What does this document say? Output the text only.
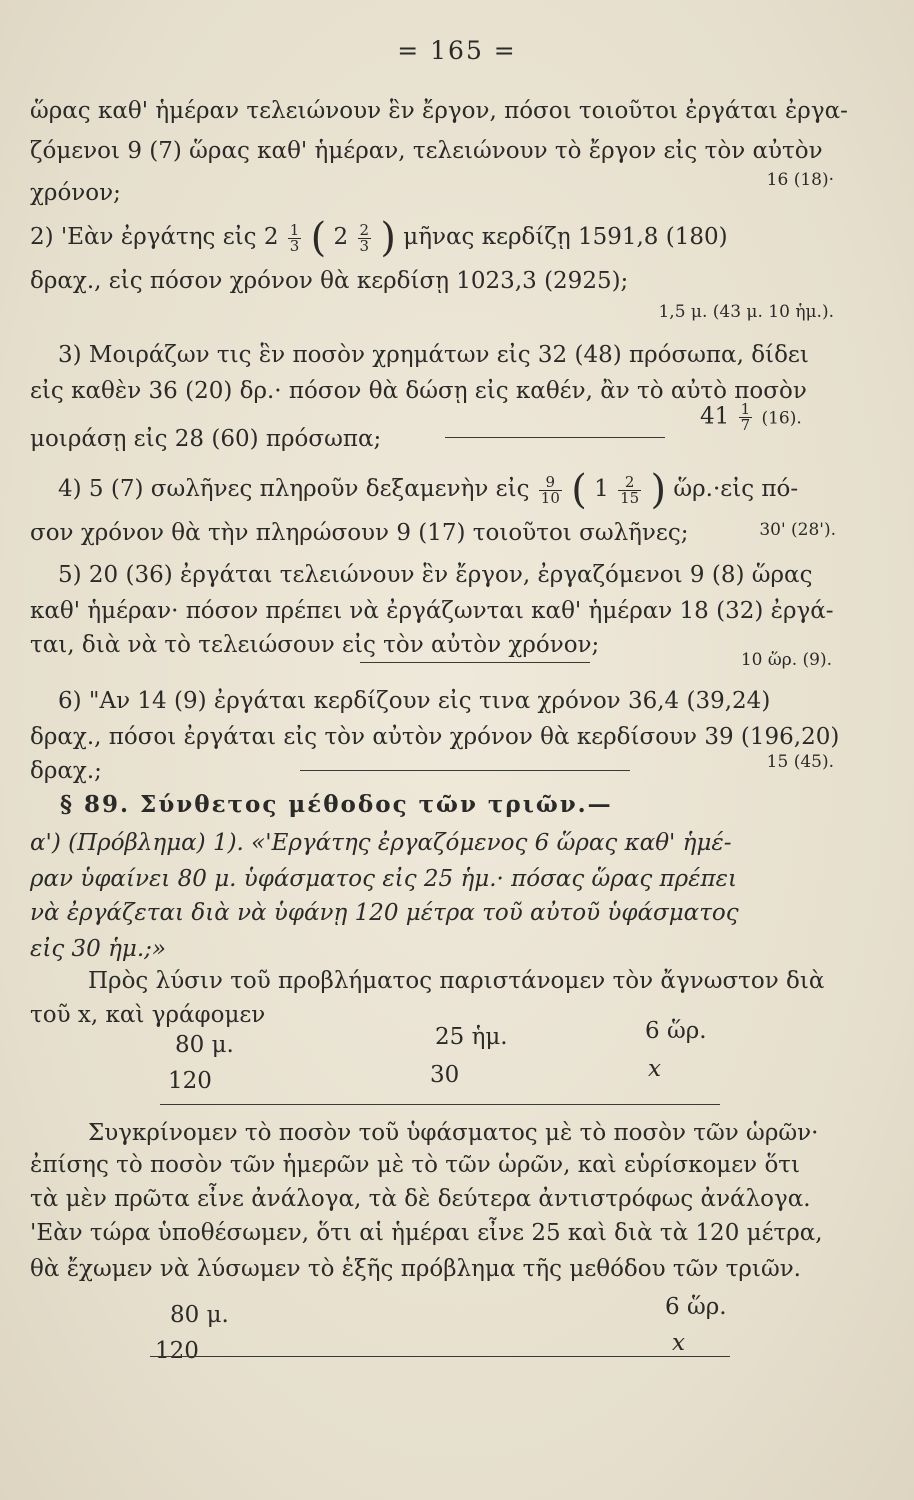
= 165 =
ὥρας καθ' ἡμέραν τελειώνουν ἓν ἔργον, πόσοι τοιοῦτοι ἐργάται ἐργα-
ζόμενοι 9 (7) ὥρας καθ' ἡμέραν, τελειώνουν τὸ ἔργον εἰς τὸν αὐτὸν
16 (18)·
χρόνον;
2) 'Εὰν ἐργάτης εἰς $2 \frac{1}{3}$ ( $2 \frac{2}{3}$ ) μῆνας κερδίζῃ 1591,8 (180)
δραχ., εἰς πόσον χρόνον θὰ κερδίσῃ 1023,3 (2925);
1,5 μ. (43 μ. 10 ἡμ.).
3) Μοιράζων τις ἓν ποσὸν χρημάτων εἰς 32 (48) πρόσωπα, δίδει
εἰς καθὲν 36 (20) δρ.· πόσον θὰ δώσῃ εἰς καθέν, ἂν τὸ αὐτὸ ποσὸν
μοιράσῃ εἰς 28 (60) πρόσωπα;
$41 \frac{1}{7} (16)$.
4) 5 (7) σωλῆνες πληροῦν δεξαμενὴν εἰς $\frac{9}{10}$ ( $1 \frac{2}{15}$ ) ὥρ.·εἰς πό-
σον χρόνον θὰ τὴν πληρώσουν 9 (17) τοιοῦτοι σωλῆνες;	30' (28').
5) 20 (36) ἐργάται τελειώνουν ἓν ἔργον, ἐργαζόμενοι 9 (8) ὥρας
καθ' ἡμέραν· πόσον πρέπει νὰ ἐργάζωνται καθ' ἡμέραν 18 (32) ἐργά-
ται, διὰ νὰ τὸ τελειώσουν εἰς τὸν αὐτὸν χρόνον;
10 ὥρ. (9).
6) "Αν 14 (9) ἐργάται κερδίζουν εἰς τινα χρόνον 36,4 (39,24)
δραχ., πόσοι ἐργάται εἰς τὸν αὐτὸν χρόνον θὰ κερδίσουν 39 (196,20)
δραχ.;	15 (45).
§ 89. Σύνθετος μέθοδος τῶν τριῶν.—
α') (Πρόβλημα) 1). «'Εργάτης ἐργαζόμενος 6 ὥρας καθ' ἡμέ-
ραν ὑφαίνει 80 μ. ὑφάσματος εἰς 25 ἡμ.· πόσας ὥρας πρέπει
νὰ ἐργάζεται διὰ νὰ ὑφάνῃ 120 μέτρα τοῦ αὐτοῦ ὑφάσματος
εἰς 30 ἡμ.;»
Πρὸς λύσιν τοῦ προβλήματος παριστάνομεν τὸν ἄγνωστον διὰ
τοῦ x, καὶ γράφομεν
80 μ.	25 ἡμ.	6 ὥρ.
120	30	x
Συγκρίνομεν τὸ ποσὸν τοῦ ὑφάσματος μὲ τὸ ποσὸν τῶν ὡρῶν·
ἐπίσης τὸ ποσὸν τῶν ἡμερῶν μὲ τὸ τῶν ὡρῶν, καὶ εὑρίσκομεν ὅτι
τὰ μὲν πρῶτα εἶνε ἀνάλογα, τὰ δὲ δεύτερα ἀντιστρόφως ἀνάλογα.
'Εὰν τώρα ὑποθέσωμεν, ὅτι αἱ ἡμέραι εἶνε 25 καὶ διὰ τὰ 120 μέτρα,
θὰ ἔχωμεν νὰ λύσωμεν τὸ ἑξῆς πρόβλημα τῆς μεθόδου τῶν τριῶν.
80 μ.	6 ὥρ.
120	x
